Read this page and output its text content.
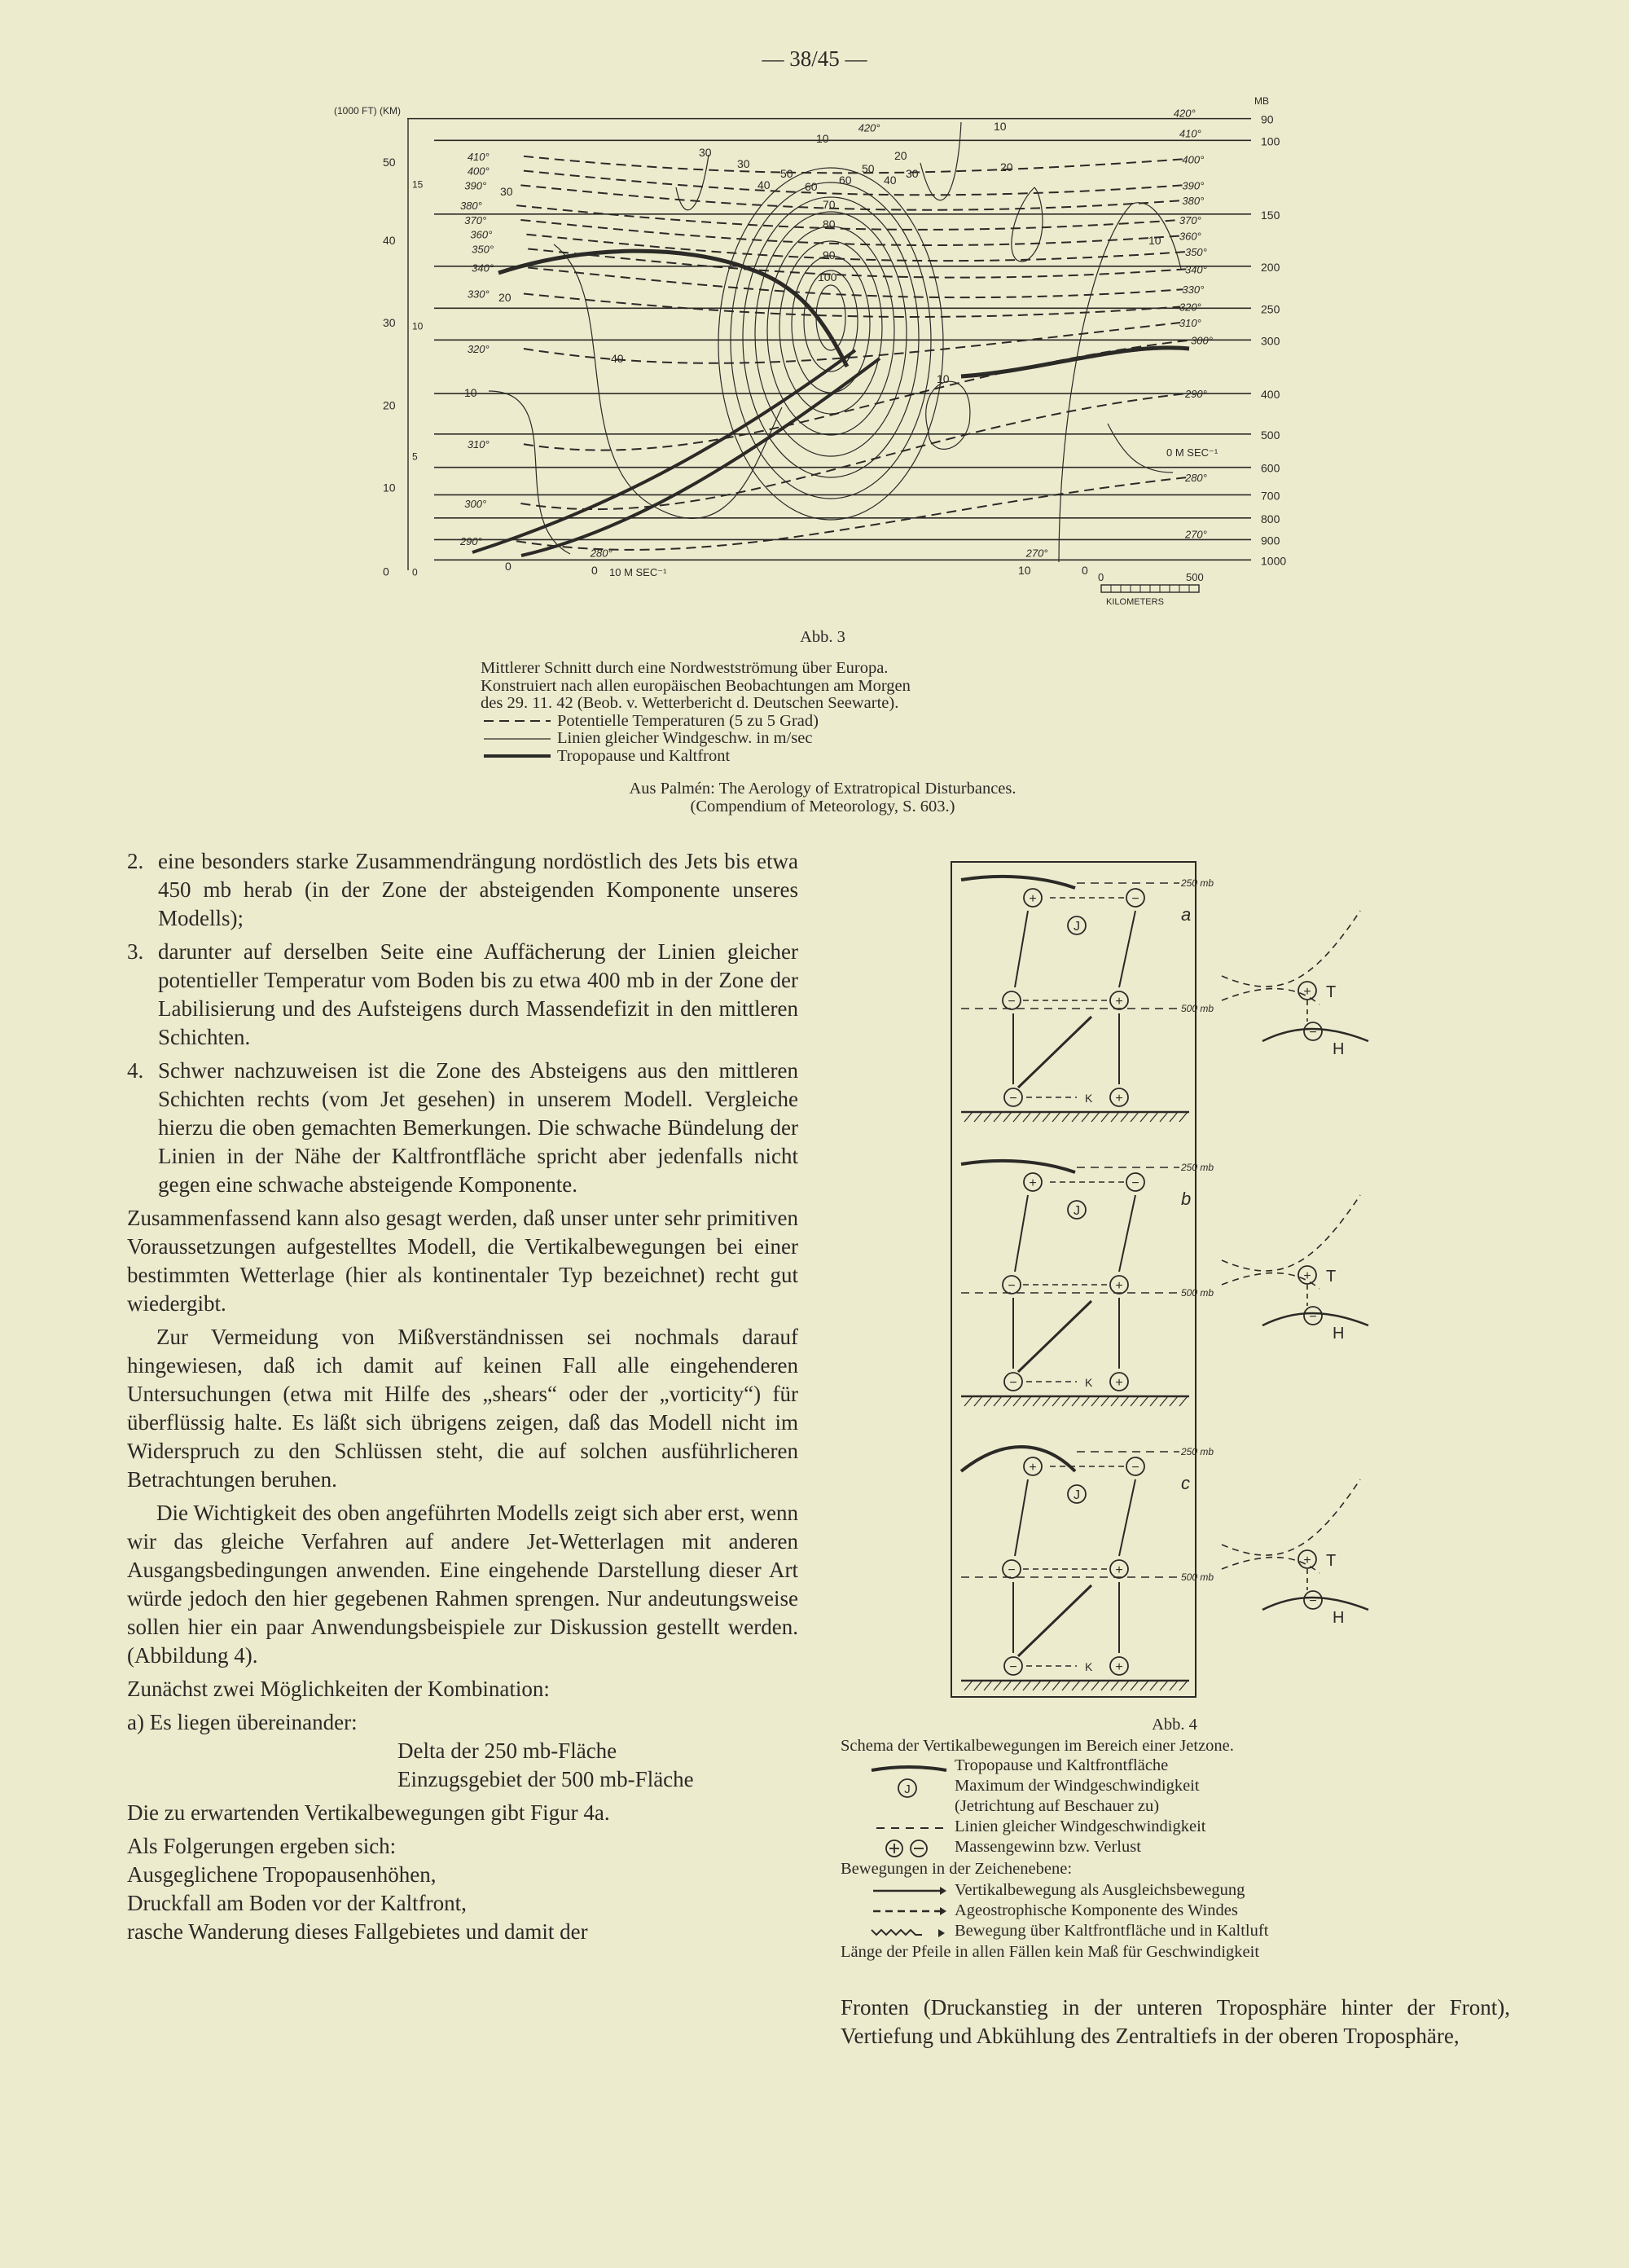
— 38/45 —
90
100
150
200
250
300
400
500
600
700
800
900
1000
MB
(1000 FT) (KM)
0
10
20
30
40
50
0
5
10
15
410°
400°
390°
380°
370°
360°
350°
340°
330°
320°
310°
300°
290°
280°
420°
410°
400°
390°
380°
370°
360°
350°
340°
330°
320°
310°
300°
290°
280°
270°
270°
420°
30
30
30	40
50
60 60
70
80
90
100
50
40 30
20
20
10
10
10
40
10
20
10
0	0	10	0
0 M SEC⁻¹
10 M SEC⁻¹	0	500
KILOMETERS
Abb. 3
Mittlerer Schnitt durch eine Nordwestströmung über Europa.
Konstruiert nach allen europäischen Beobachtungen am Morgen
des 29. 11. 42 (Beob. v. Wetterbericht d. Deutschen Seewarte).
Potentielle Temperaturen (5 zu 5 Grad)
Linien gleicher Windgeschw. in m/sec
Tropopause und Kaltfront
Aus Palmén: The Aerology of Extratropical Disturbances.
(Compendium of Meteorology, S. 603.)
2. eine besonders starke Zusammendrängung nordöstlich des Jets bis etwa 450 mb herab (in der Zone der absteigenden Komponente unseres Modells);
3. darunter auf derselben Seite eine Auffächerung der Linien gleicher potentieller Temperatur vom Boden bis zu etwa 400 mb in der Zone der Labilisierung und des Aufsteigens durch Massendefizit in den mittleren Schichten.
4. Schwer nachzuweisen ist die Zone des Absteigens aus den mittleren Schichten rechts (vom Jet gesehen) in unserem Modell. Vergleiche hierzu die oben gemachten Bemerkungen. Die schwache Bündelung der Linien in der Nähe der Kaltfrontfläche spricht aber jedenfalls nicht gegen eine schwache absteigende Komponente.
Zusammenfassend kann also gesagt werden, daß unser unter sehr primitiven Voraussetzungen aufgestelltes Modell, die Vertikalbewegungen bei einer bestimmten Wetterlage (hier als kontinentaler Typ bezeichnet) recht gut wiedergibt.
Zur Vermeidung von Mißverständnissen sei nochmals darauf hingewiesen, daß ich damit auf keinen Fall alle eingehenderen Untersuchungen (etwa mit Hilfe des „shears“ oder der „vorticity“) für überflüssig halte. Es läßt sich übrigens zeigen, daß das Modell nicht im Widerspruch zu den Schlüssen steht, die auf solchen ausführlicheren Betrachtungen beruhen.
Die Wichtigkeit des oben angeführten Modells zeigt sich aber erst, wenn wir das gleiche Verfahren auf andere Jet-Wetterlagen mit anderen Ausgangsbedingungen anwenden. Eine eingehende Darstellung dieser Art würde jedoch den hier gegebenen Rahmen sprengen. Nur andeutungsweise sollen hier ein paar Anwendungsbeispiele zur Diskussion gestellt werden. (Abbildung 4).
Zunächst zwei Möglichkeiten der Kombination:
a) Es liegen übereinander:
Delta der 250 mb-Fläche
Einzugsgebiet der 500 mb-Fläche
Die zu erwartenden Vertikalbewegungen gibt Figur 4a.
Als Folgerungen ergeben sich:
Ausgeglichene Tropopausenhöhen,
Druckfall am Boden vor der Kaltfront,
rasche Wanderung dieses Fallgebietes und damit der
250 mb
500 mb
a
+	−
J
−	+
−	+
K
+
−
T
H
250 mb
500 mb
b
+	−
J
−	+
−	+
K
+
−
T
H
250 mb
500 mb
c
+	−
J
−	+
−	+
K
+
−
T
H
Abb. 4
Schema der Vertikalbewegungen im Bereich einer Jetzone.
Tropopause und Kaltfrontfläche
J	Maximum der Windgeschwindigkeit
(Jetrichtung auf Beschauer zu)
Linien gleicher Windgeschwindigkeit
Massengewinn bzw. Verlust
Bewegungen in der Zeichenebene:
Vertikalbewegung als Ausgleichsbewegung
Ageostrophische Komponente des Windes
Bewegung über Kaltfrontfläche und in Kaltluft
Länge der Pfeile in allen Fällen kein Maß für Geschwindigkeit
Fronten (Druckanstieg in der unteren Troposphäre hinter der Front), Vertiefung und Abkühlung des Zentraltiefs in der oberen Troposphäre,
